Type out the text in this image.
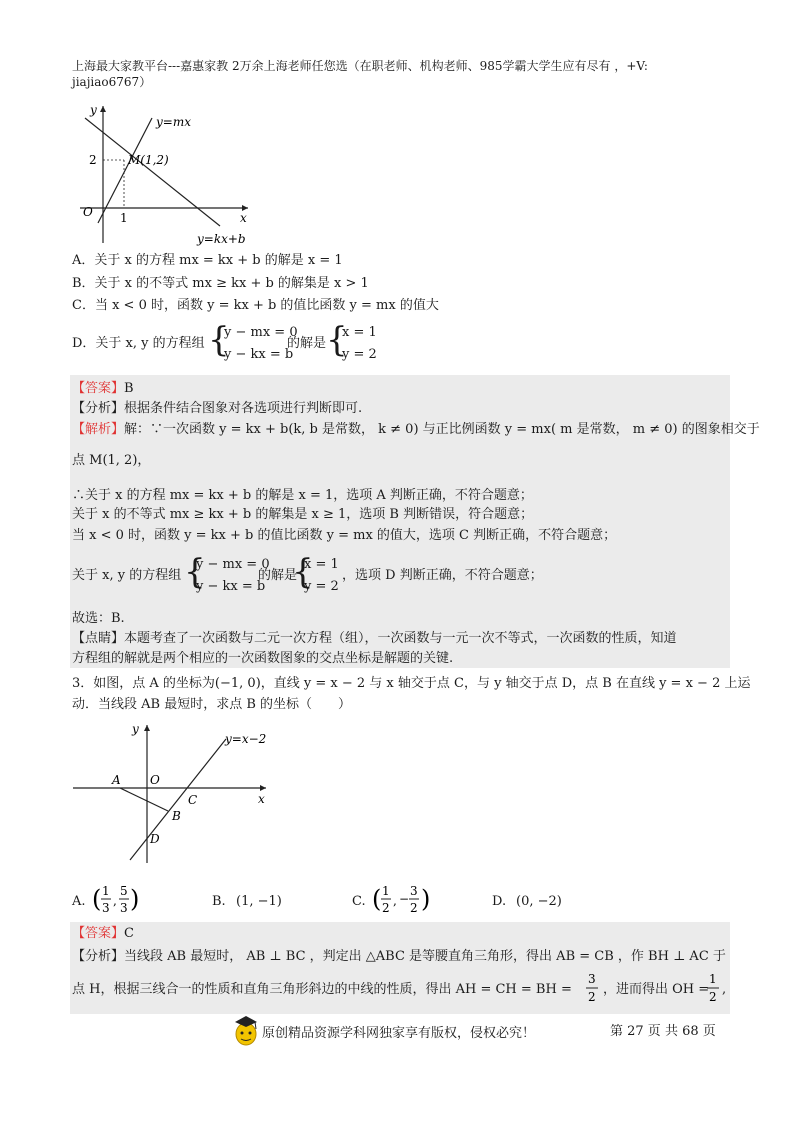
上海最大家教平台---嘉惠家教 2万余上海老师任您选（在职老师、机构老师、985学霸大学生应有尽有 ，+V:
jiajiao6767）
y
x
O
y=mx
y=kx+b
M(1,2)
2
1
A．关于 x 的方程 mx = kx + b 的解是 x = 1
B．关于 x 的不等式 mx ≥ kx + b 的解集是 x > 1
C．当 x < 0 时，函数 y = kx + b 的值比函数 y = mx 的值大
D．关于 x, y 的方程组 {
y − mx = 0
y − kx = b
的解是 {
x = 1
y = 2
【答案】B
【分析】根据条件结合图象对各选项进行判断即可.
【解析】解：∵一次函数 y = kx + b(k, b 是常数， k ≠ 0) 与正比例函数 y = mx( m 是常数， m ≠ 0) 的图象相交于
点 M(1, 2)，
∴关于 x 的方程 mx = kx + b 的解是 x = 1，选项 A 判断正确，不符合题意；
关于 x 的不等式 mx ≥ kx + b 的解集是 x ≥ 1，选项 B 判断错误，符合题意；
当 x < 0 时，函数 y = kx + b 的值比函数 y = mx 的值大，选项 C 判断正确，不符合题意；
关于 x, y 的方程组 {
y − mx = 0
y − kx = b
的解是
{
x = 1
y = 2
，选项 D 判断正确，不符合题意；
故选：B.
【点睛】本题考查了一次函数与二元一次方程（组），一次函数与一元一次不等式，一次函数的性质，知道
方程组的解就是两个相应的一次函数图象的交点坐标是解题的关键.
3．如图，点 A 的坐标为(−1, 0)，直线 y = x − 2 与 x 轴交于点 C，与 y 轴交于点 D，点 B 在直线 y = x − 2 上运
动．当线段 AB 最短时，求点 B 的坐标（　　）
y
x
y=x−2
A O
C
B
D
A. ( 1
3 ,
5
3 )	B. (1, −1)	C. ( 1
2 , −
3
2 )	D. (0, −2)
【答案】C
【分析】当线段 AB 最短时， AB ⊥ BC ，判定出 △ABC 是等腰直角三角形，得出 AB = CB ，作 BH ⊥ AC 于
点 H，根据三线合一的性质和直角三角形斜边的中线的性质，得出 AH = CH = BH =
3
2 ，进而得出 OH =
1
2 ,
第 27 页 共 68 页
原创精品资源学科网独家享有版权，侵权必究！
